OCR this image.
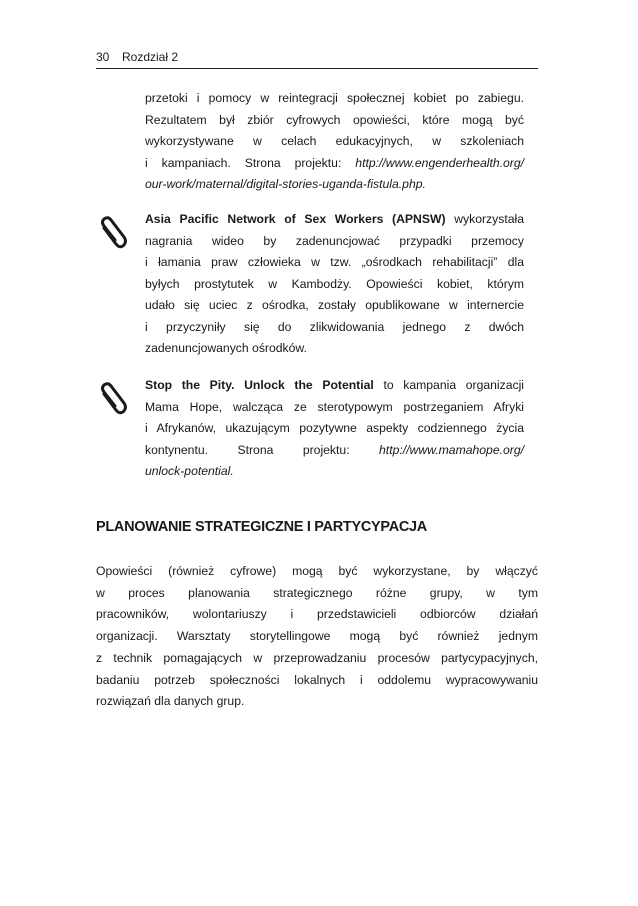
30 Rozdział 2
przetoki i pomocy w reintegracji społecznej kobiet po zabiegu.
Rezultatem był zbiór cyfrowych opowieści, które mogą być
wykorzystywane w celach edukacyjnych, w szkoleniach
i kampaniach. Strona projektu: http://www.engenderhealth.org/
our-work/maternal/digital-stories-uganda-fistula.php.
Asia Pacific Network of Sex Workers (APNSW) wykorzystała
nagrania wideo by zadenuncjować przypadki przemocy
i łamania praw człowieka w tzw. „ośrodkach rehabilitacji” dla
byłych prostytutek w Kambodży. Opowieści kobiet, którym
udało się uciec z ośrodka, zostały opublikowane w internercie
i przyczyniły się do zlikwidowania jednego z dwóch
zadenuncjowanych ośrodków.
Stop the Pity. Unlock the Potential to kampania organizacji
Mama Hope, walcząca ze sterotypowym postrzeganiem Afryki
i Afrykanów, ukazującym pozytywne aspekty codziennego życia
kontynentu. Strona projektu: http://www.mamahope.org/
unlock-potential.
PLANOWANIE STRATEGICZNE I PARTYCYPACJA
Opowieści (również cyfrowe) mogą być wykorzystane, by włączyć
w proces planowania strategicznego różne grupy, w tym
pracowników, wolontariuszy i przedstawicieli odbiorców działań
organizacji. Warsztaty storytellingowe mogą być również jednym
z technik pomagających w przeprowadzaniu procesów partycypacyjnych,
badaniu potrzeb społeczności lokalnych i oddolemu wypracowywaniu
rozwiązań dla danych grup.
